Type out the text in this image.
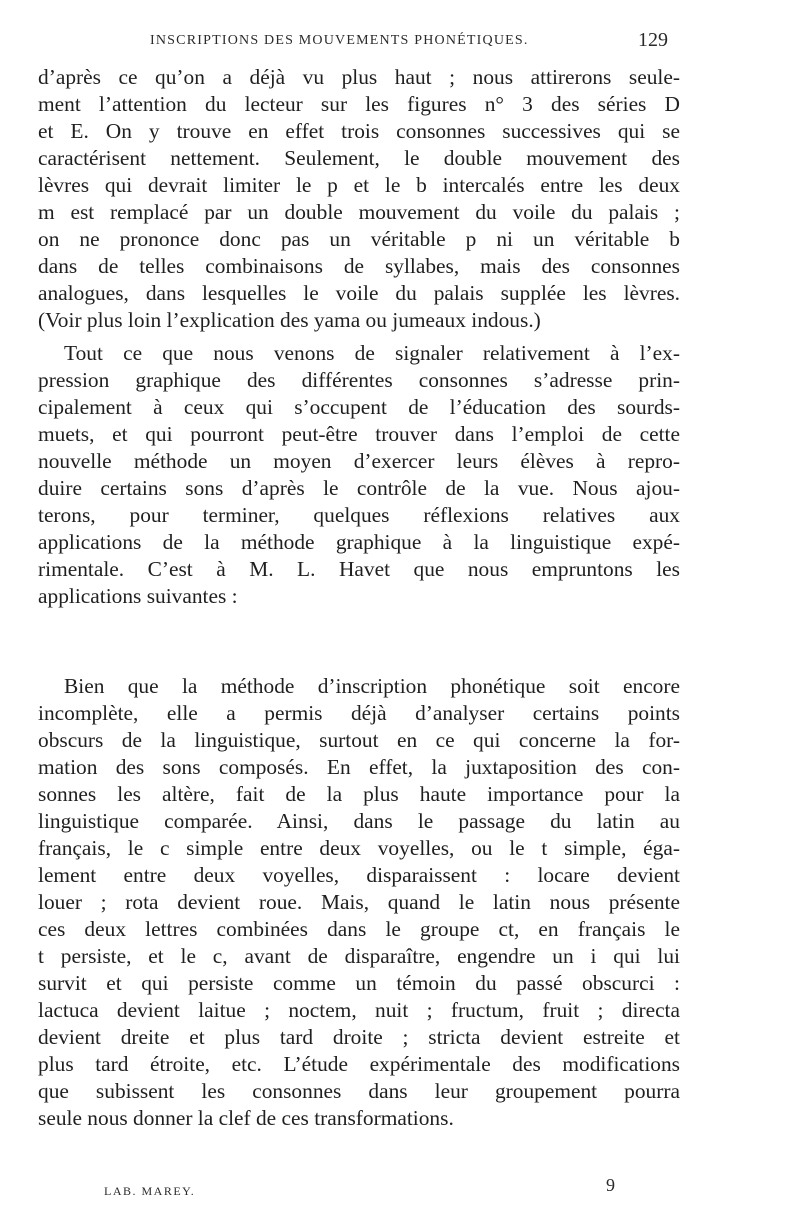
INSCRIPTIONS DES MOUVEMENTS PHONÉTIQUES.	129
d’après ce qu’on a déjà vu plus haut ; nous attirerons seule-
ment l’attention du lecteur sur les figures n° 3 des séries D
et E. On y trouve en effet trois consonnes successives qui se
caractérisent nettement. Seulement, le double mouvement des
lèvres qui devrait limiter le p et le b intercalés entre les deux
m est remplacé par un double mouvement du voile du palais ;
on ne prononce donc pas un véritable p ni un véritable b
dans de telles combinaisons de syllabes, mais des consonnes
analogues, dans lesquelles le voile du palais supplée les lèvres.
(Voir plus loin l’explication des yama ou jumeaux indous.)
Tout ce que nous venons de signaler relativement à l’ex-
pression graphique des différentes consonnes s’adresse prin-
cipalement à ceux qui s’occupent de l’éducation des sourds-
muets, et qui pourront peut-être trouver dans l’emploi de cette
nouvelle méthode un moyen d’exercer leurs élèves à repro-
duire certains sons d’après le contrôle de la vue. Nous ajou-
terons, pour terminer, quelques réflexions relatives aux
applications de la méthode graphique à la linguistique expé-
rimentale. C’est à M. L. Havet que nous empruntons les
applications suivantes :
Bien que la méthode d’inscription phonétique soit encore
incomplète, elle a permis déjà d’analyser certains points
obscurs de la linguistique, surtout en ce qui concerne la for-
mation des sons composés. En effet, la juxtaposition des con-
sonnes les altère, fait de la plus haute importance pour la
linguistique comparée. Ainsi, dans le passage du latin au
français, le c simple entre deux voyelles, ou le t simple, éga-
lement entre deux voyelles, disparaissent : locare devient
louer ; rota devient roue. Mais, quand le latin nous présente
ces deux lettres combinées dans le groupe ct, en français le
t persiste, et le c, avant de disparaître, engendre un i qui lui
survit et qui persiste comme un témoin du passé obscurci :
lactuca devient laitue ; noctem, nuit ; fructum, fruit ; directa
devient dreite et plus tard droite ; stricta devient estreite et
plus tard étroite, etc. L’étude expérimentale des modifications
que subissent les consonnes dans leur groupement pourra
seule nous donner la clef de ces transformations.
LAB. MAREY.	9
